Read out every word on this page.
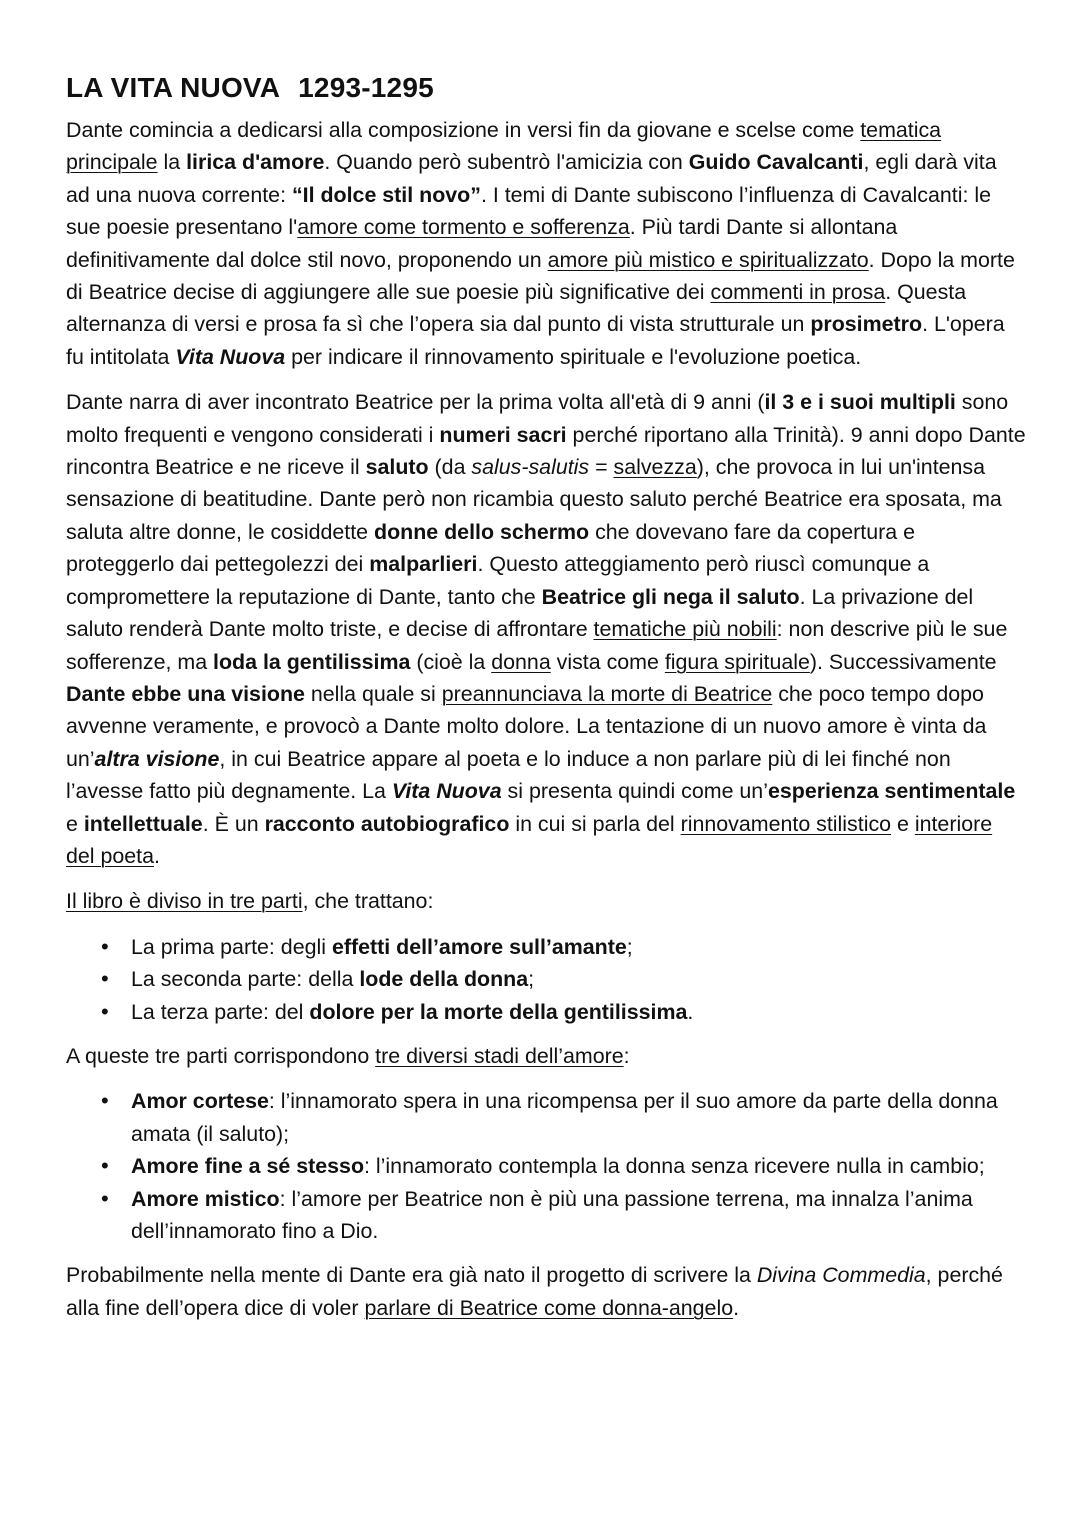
LA VITA NUOVA 1293-1295

Dante comincia a dedicarsi alla composizione in versi fin da giovane e scelse come tematica principale la lirica d'amore. Quando però subentrò l'amicizia con Guido Cavalcanti, egli darà vita ad una nuova corrente: “Il dolce stil novo”. I temi di Dante subiscono l’influenza di Cavalcanti: le sue poesie presentano l'amore come tormento e sofferenza. Più tardi Dante si allontana definitivamente dal dolce stil novo, proponendo un amore più mistico e spiritualizzato. Dopo la morte di Beatrice decise di aggiungere alle sue poesie più significative dei commenti in prosa. Questa alternanza di versi e prosa fa sì che l’opera sia dal punto di vista strutturale un prosimetro. L'opera fu intitolata Vita Nuova per indicare il rinnovamento spirituale e l'evoluzione poetica.

Dante narra di aver incontrato Beatrice per la prima volta all'età di 9 anni (il 3 e i suoi multipli sono molto frequenti e vengono considerati i numeri sacri perché riportano alla Trinità). 9 anni dopo Dante rincontra Beatrice e ne riceve il saluto (da salus-salutis = salvezza), che provoca in lui un'intensa sensazione di beatitudine. Dante però non ricambia questo saluto perché Beatrice era sposata, ma saluta altre donne, le cosiddette donne dello schermo che dovevano fare da copertura e proteggerlo dai pettegolezzi dei malparlieri. Questo atteggiamento però riuscì comunque a compromettere la reputazione di Dante, tanto che Beatrice gli nega il saluto. La privazione del saluto renderà Dante molto triste, e decise di affrontare tematiche più nobili: non descrive più le sue sofferenze, ma loda la gentilissima (cioè la donna vista come figura spirituale). Successivamente Dante ebbe una visione nella quale si preannunciava la morte di Beatrice che poco tempo dopo avvenne veramente, e provocò a Dante molto dolore. La tentazione di un nuovo amore è vinta da un’altra visione, in cui Beatrice appare al poeta e lo induce a non parlare più di lei finché non l’avesse fatto più degnamente. La Vita Nuova si presenta quindi come un’esperienza sentimentale e intellettuale. È un racconto autobiografico in cui si parla del rinnovamento stilistico e interiore del poeta.

Il libro è diviso in tre parti, che trattano:

• La prima parte: degli effetti dell’amore sull’amante;
• La seconda parte: della lode della donna;
• La terza parte: del dolore per la morte della gentilissima.

A queste tre parti corrispondono tre diversi stadi dell’amore:

• Amor cortese: l’innamorato spera in una ricompensa per il suo amore da parte della donna amata (il saluto);
• Amore fine a sé stesso: l’innamorato contempla la donna senza ricevere nulla in cambio;
• Amore mistico: l’amore per Beatrice non è più una passione terrena, ma innalza l’anima dell’innamorato fino a Dio.

Probabilmente nella mente di Dante era già nato il progetto di scrivere la Divina Commedia, perché alla fine dell’opera dice di voler parlare di Beatrice come donna-angelo.
